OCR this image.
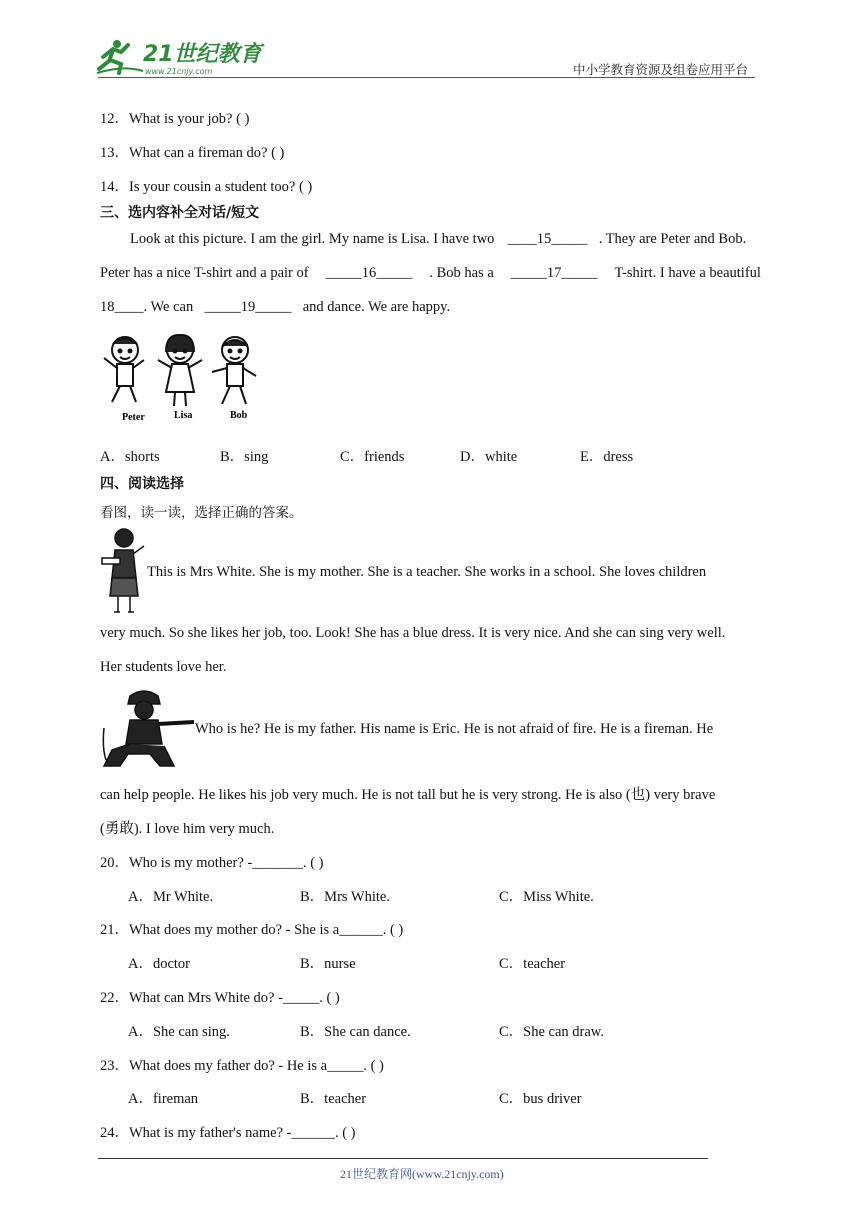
21世纪教育
www.21cnjy.com	中小学教育资源及组卷应用平台
12．What is your job? ( )
13．What can a fireman do? ( )
14．Is your cousin a student too? ( )
三、选内容补全对话/短文
Look at this picture. I am the girl. My name is Lisa. I have two ____15_____ . They are Peter and Bob.
Peter has a nice T-shirt and a pair of _____16_____ . Bob has a _____17_____ T-shirt. I have a beautiful
18____. We can _____19_____ and dance. We are happy.
Peter	Lisa	Bob
A．shorts	B．sing	C．friends	D．white	E．dress
四、阅读选择
看图，读一读，选择正确的答案。
This is Mrs White. She is my mother. She is a teacher. She works in a school. She loves children
very much. So she likes her job, too. Look! She has a blue dress. It is very nice. And she can sing very well.
Her students love her.
Who is he? He is my father. His name is Eric. He is not afraid of fire. He is a fireman. He
can help people. He likes his job very much. He is not tall but he is very strong. He is also (也) very brave
(勇敢). I love him very much.
20．Who is my mother? -_______. ( )
A．Mr White.	B．Mrs White.	C．Miss White.
21．What does my mother do? - She is a______. ( )
A．doctor	B．nurse	C．teacher
22．What can Mrs White do? -_____. ( )
A．She can sing.	B．She can dance.	C．She can draw.
23．What does my father do? - He is a_____. ( )
A．fireman	B．teacher	C．bus driver
24．What is my father's name? -______. ( )
21世纪教育网(www.21cnjy.com)
